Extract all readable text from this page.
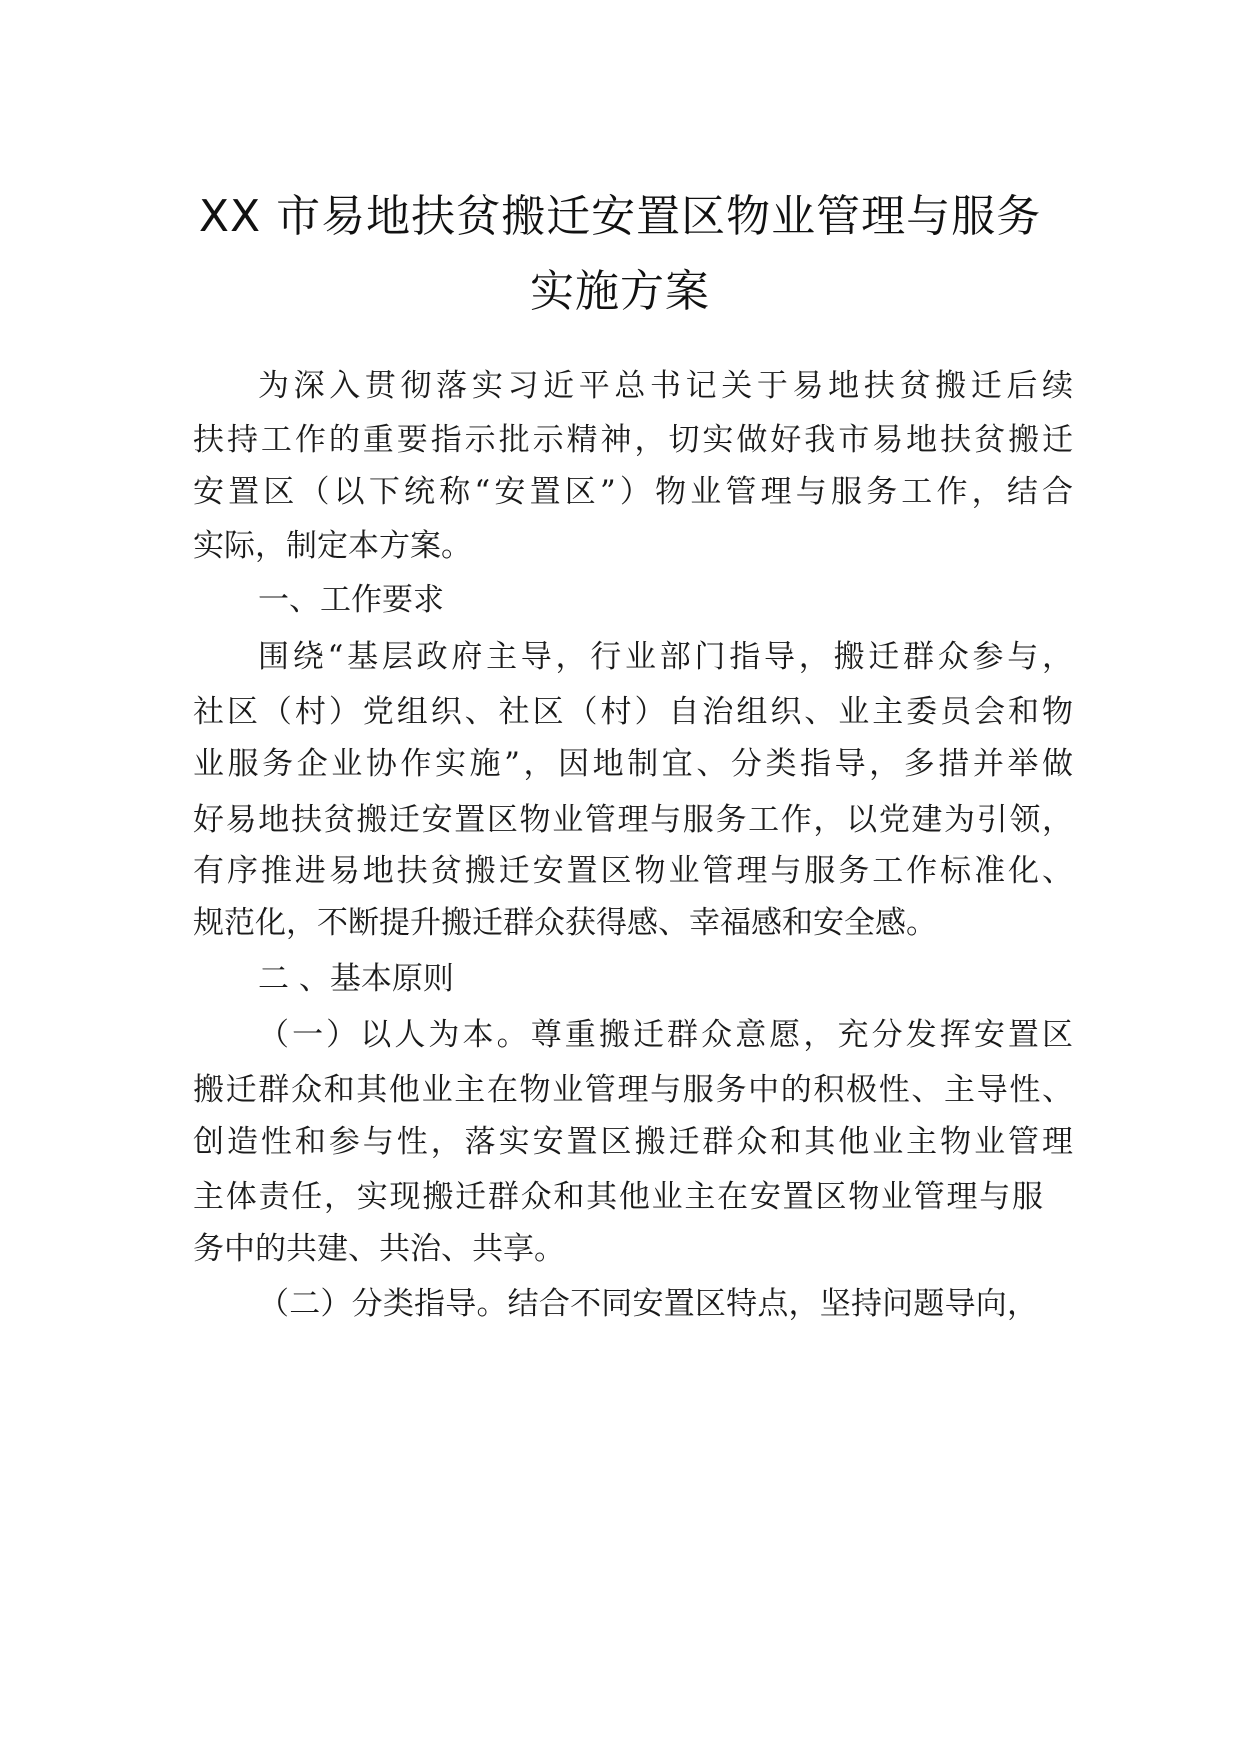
XX 市易地扶贫搬迁安置区物业管理与服务
实施方案
为深入贯彻落实习近平总书记关于易地扶贫搬迁后续
扶持工作的重要指示批示精神，切实做好我市易地扶贫搬迁
安置区（以下统称“安置区”）物业管理与服务工作，结合
实际，制定本方案。
一、工作要求
围绕“基层政府主导，行业部门指导，搬迁群众参与，
社区（村）党组织、社区（村）自治组织、业主委员会和物
业服务企业协作实施”，因地制宜、分类指导，多措并举做
好易地扶贫搬迁安置区物业管理与服务工作，以党建为引领，
有序推进易地扶贫搬迁安置区物业管理与服务工作标准化、
规范化，不断提升搬迁群众获得感、幸福感和安全感。
二 、基本原则
（一）以人为本。尊重搬迁群众意愿，充分发挥安置区
搬迁群众和其他业主在物业管理与服务中的积极性、主导性、
创造性和参与性，落实安置区搬迁群众和其他业主物业管理
主体责任，实现搬迁群众和其他业主在安置区物业管理与服
务中的共建、共治、共享。
（二）分类指导。结合不同安置区特点，坚持问题导向，
